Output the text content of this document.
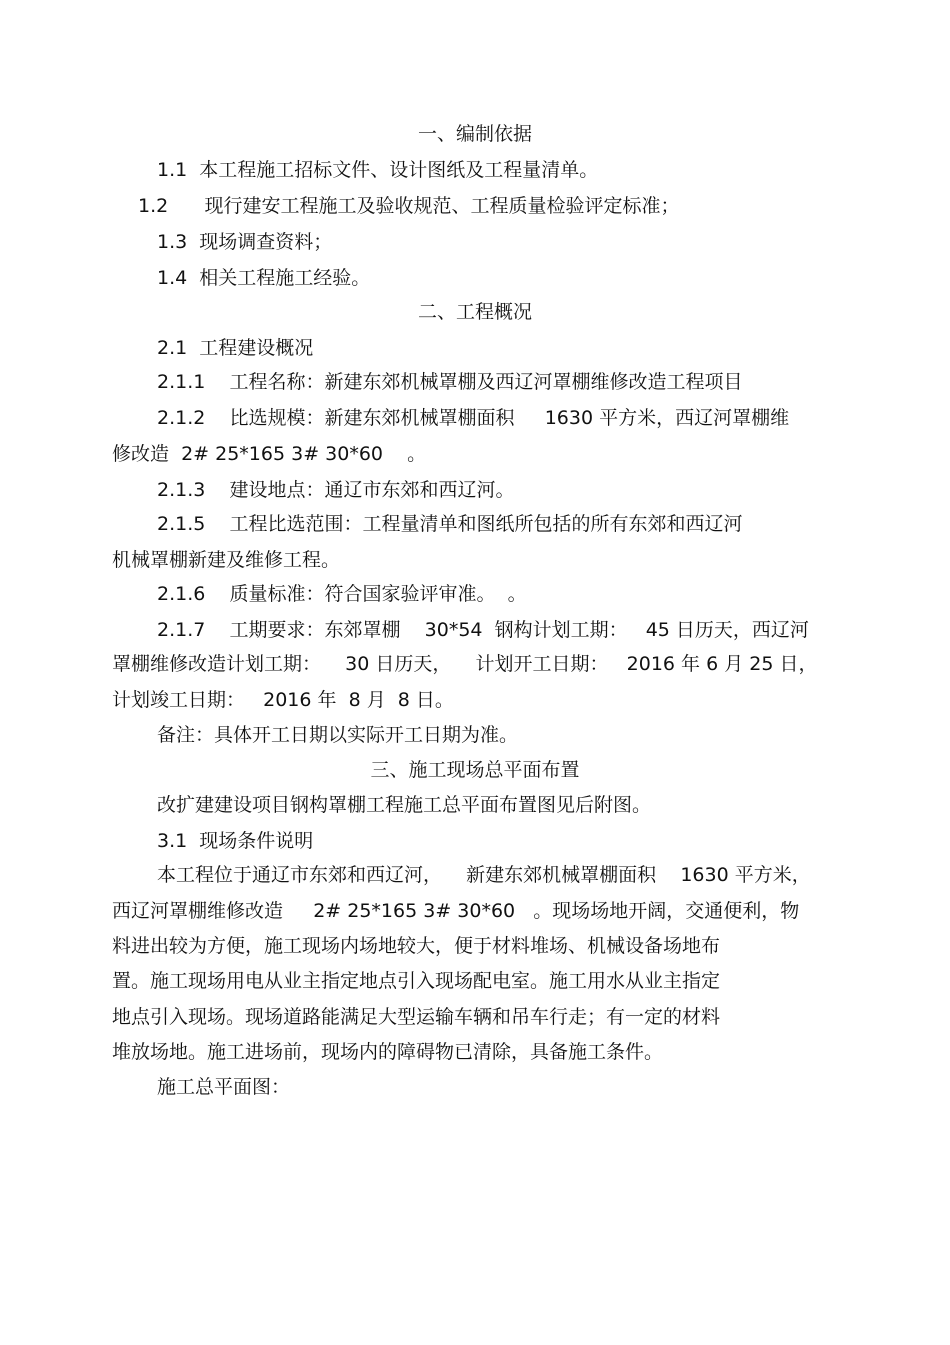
一、编制依据
1.1  本工程施工招标文件、设计图纸及工程量清单。
1.2      现行建安工程施工及验收规范、工程质量检验评定标准；
1.3  现场调查资料；
1.4  相关工程施工经验。
二、工程概况
2.1  工程建设概况
2.1.1    工程名称：新建东郊机械罩棚及西辽河罩棚维修改造工程项目
2.1.2    比选规模：新建东郊机械罩棚面积     1630 平方米，西辽河罩棚维
修改造  2# 25*165 3# 30*60    。
2.1.3    建设地点：通辽市东郊和西辽河。
2.1.5    工程比选范围：工程量清单和图纸所包括的所有东郊和西辽河
机械罩棚新建及维修工程。
2.1.6    质量标准：符合国家验评审准。  。
2.1.7    工期要求：东郊罩棚    30*54  钢构计划工期：   45 日历天，西辽河
罩棚维修改造计划工期：    30 日历天，    计划开工日期：   2016 年 6 月 25 日，
计划竣工日期：   2016 年  8 月  8 日。
备注：具体开工日期以实际开工日期为准。
三、施工现场总平面布置
改扩建建设项目钢构罩棚工程施工总平面布置图见后附图。
3.1  现场条件说明
本工程位于通辽市东郊和西辽河，    新建东郊机械罩棚面积    1630 平方米，
西辽河罩棚维修改造     2# 25*165 3# 30*60   。现场场地开阔，交通便利，物
料进出较为方便，施工现场内场地较大，便于材料堆场、机械设备场地布
置。施工现场用电从业主指定地点引入现场配电室。施工用水从业主指定
地点引入现场。现场道路能满足大型运输车辆和吊车行走；有一定的材料
堆放场地。施工进场前，现场内的障碍物已清除，具备施工条件。
施工总平面图：
